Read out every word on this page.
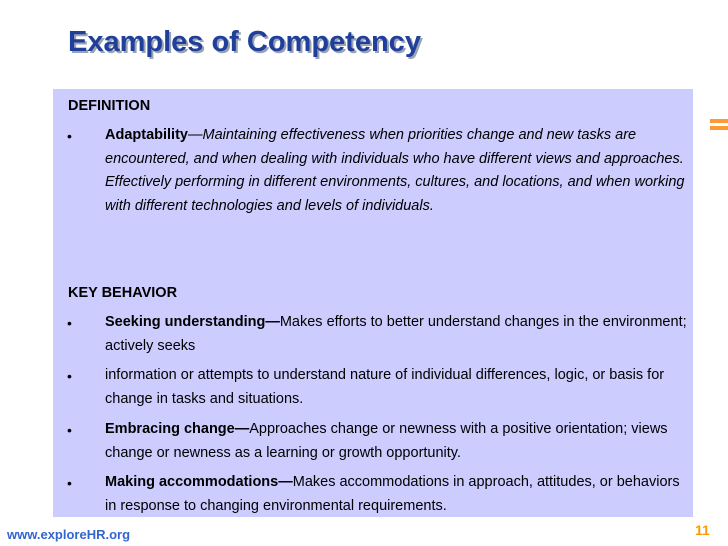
Examples of Competency
DEFINITION
• Adaptability—Maintaining effectiveness when priorities change and new tasks are encountered, and when dealing with individuals who have different views and approaches. Effectively performing in different environments, cultures, and locations, and when working with different technologies and levels of individuals.
KEY BEHAVIOR
• Seeking understanding—Makes efforts to better understand changes in the environment; actively seeks
• information or attempts to understand nature of individual differences, logic, or basis for change in tasks and situations.
• Embracing change—Approaches change or newness with a positive orientation; views change or newness as a learning or growth opportunity.
• Making accommodations—Makes accommodations in approach, attitudes, or behaviors in response to changing environmental requirements.
www.exploreHR.org	11
